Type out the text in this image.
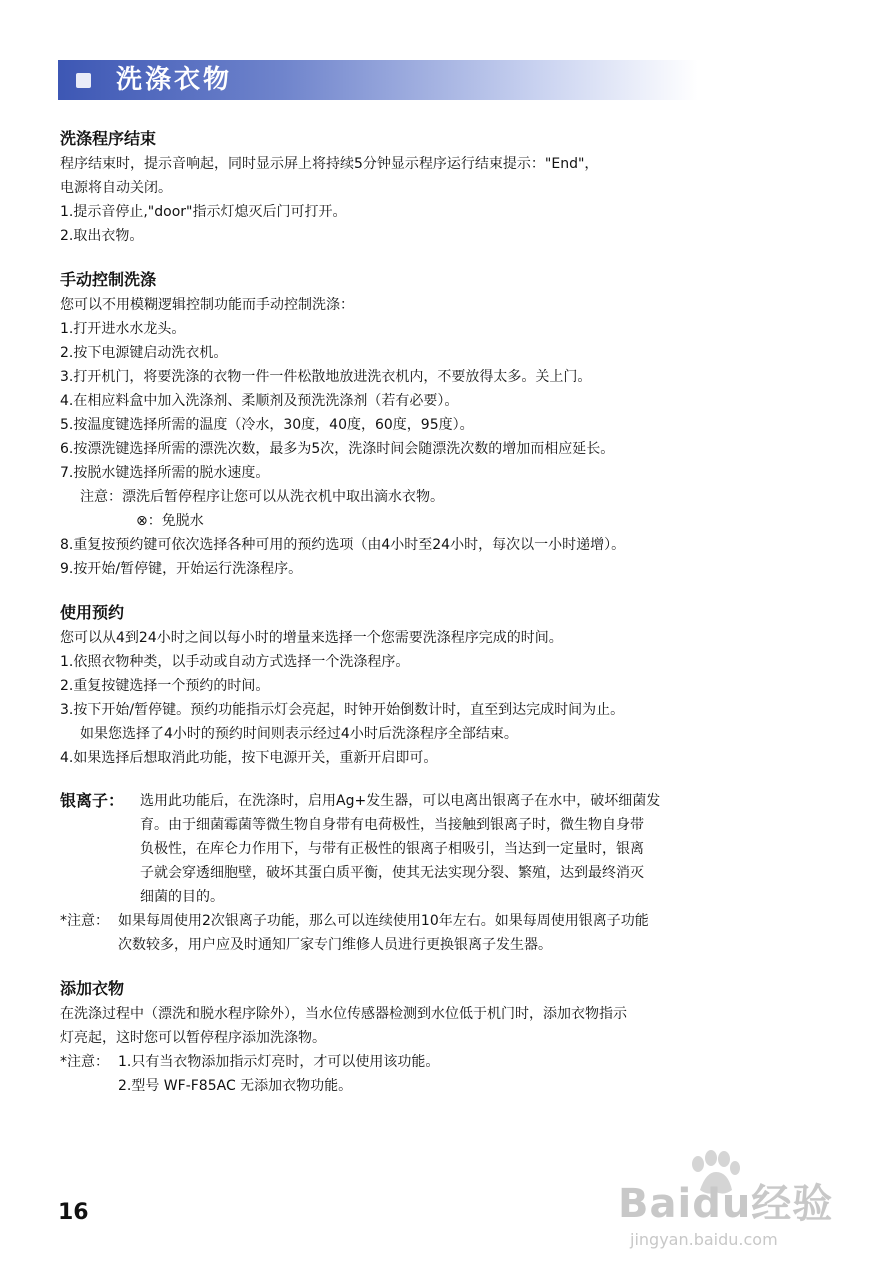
洗涤衣物

洗涤程序结束

程序结束时，提示音响起，同时显示屏上将持续5分钟显示程序运行结束提示："End"，

电源将自动关闭。

1.提示音停止,"door"指示灯熄灭后门可打开。

2.取出衣物。

手动控制洗涤

您可以不用模糊逻辑控制功能而手动控制洗涤：

1.打开进水水龙头。

2.按下电源键启动洗衣机。

3.打开机门，将要洗涤的衣物一件一件松散地放进洗衣机内，不要放得太多。关上门。

4.在相应料盒中加入洗涤剂、柔顺剂及预洗洗涤剂（若有必要）。

5.按温度键选择所需的温度（冷水，30度，40度，60度，95度）。

6.按漂洗键选择所需的漂洗次数，最多为5次，洗涤时间会随漂洗次数的增加而相应延长。

7.按脱水键选择所需的脱水速度。

注意：漂洗后暂停程序让您可以从洗衣机中取出滴水衣物。

⊗：免脱水

8.重复按预约键可依次选择各种可用的预约选项（由4小时至24小时，每次以一小时递增）。

9.按开始/暂停键，开始运行洗涤程序。

使用预约

您可以从4到24小时之间以每小时的增量来选择一个您需要洗涤程序完成的时间。

1.依照衣物种类，以手动或自动方式选择一个洗涤程序。

2.重复按键选择一个预约的时间。

3.按下开始/暂停键。预约功能指示灯会亮起，时钟开始倒数计时，直至到达完成时间为止。

如果您选择了4小时的预约时间则表示经过4小时后洗涤程序全部结束。

4.如果选择后想取消此功能，按下电源开关，重新开启即可。

银离子：	选用此功能后，在洗涤时，启用Ag+发生器，可以电离出银离子在水中，破坏细菌发

育。由于细菌霉菌等微生物自身带有电荷极性，当接触到银离子时，微生物自身带

负极性，在库仑力作用下，与带有正极性的银离子相吸引，当达到一定量时，银离

子就会穿透细胞壁，破坏其蛋白质平衡，使其无法实现分裂、繁殖，达到最终消灭

细菌的目的。

*注意： 如果每周使用2次银离子功能，那么可以连续使用10年左右。如果每周使用银离子功能

次数较多，用户应及时通知厂家专门维修人员进行更换银离子发生器。

添加衣物

在洗涤过程中（漂洗和脱水程序除外），当水位传感器检测到水位低于机门时，添加衣物指示

灯亮起，这时您可以暂停程序添加洗涤物。

*注意： 1.只有当衣物添加指示灯亮时，才可以使用该功能。

2.型号 WF-F85AC 无添加衣物功能。

16	Baidu经验
jingyan.baidu.com
